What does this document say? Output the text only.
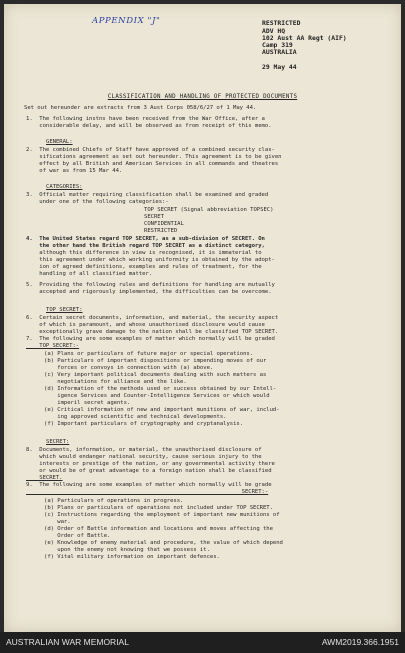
APPENDIX "J"	RESTRICTED
ADV HQ
102 Aust AA Regt (AIF)
Camp 319
AUSTRALIA
29 May 44
CLASSIFICATION AND HANDLING OF PROTECTED DOCUMENTS
Set out hereunder are extracts from 3 Aust Corps 058/6/27 of 1 May 44.
1.  The following instns have been received from the War Office, after a
considerable delay, and will be observed as from receipt of this memo.
GENERAL:
2.  The combined Chiefs of Staff have approved of a combined security clas-
sifications agreement as set out hereunder. This agreement is to be given
effect by all British and American Services in all commands and theatres
of war as from 15 Mar 44.
CATEGORIES:
3.  Official matter requiring classification shall be examined and graded
under one of the following categories:-
TOP SECRET (Signal abbreviation TOPSEC)
SECRET
CONFIDENTIAL
RESTRICTED
4.  The United States regard TOP SECRET, as a sub-division of SECRET. On
the other hand the British regard TOP SECRET as a distinct category,
although this difference in view is recognised, it is immaterial to
this agreement under which working uniformity is obtained by the adopt-
ion of agreed definitions, examples and rules of treatment, for the
handling of all classified matter.
5.  Providing the following rules and definitions for handling are mutually
accepted and rigorously implemented, the difficulties can be overcome.
TOP SECRET:
6.  Certain secret documents, information, and material, the security aspect
of which is paramount, and whose unauthorised disclosure would cause
exceptionally grave damage to the nation shall be classified TOP SECRET.
7.  The following are some examples of matter which normally will be graded
TOP SECRET:-
(a) Plans or particulars of future major or special operations.
(b) Particulars of important dispositions or impending moves of our
forces or convoys in connection with (a) above.
(c) Very important political documents dealing with such matters as
negotiations for alliance and the like.
(d) Information of the methods used or success obtained by our Intell-
igence Services and Counter-Intelligence Services or which would
imperil secret agents.
(e) Critical information of new and important munitions of war, includ-
ing approved scientific and technical developments.
(f) Important particulars of cryptography and cryptanalysis.
SECRET:
8.  Documents, information, or material, the unauthorised disclosure of
which would endanger national security, cause serious injury to the
interests or prestige of the nation, or any governmental activity there
or would be of great advantage to a foreign nation shall be classified
SECRET.
9.  The following are some examples of matter which normally will be grade
SECRET:-
(a) Particulars of operations in progress.
(b) Plans or particulars of operations not included under TOP SECRET.
(c) Instructions regarding the employment of important new munitions of
war.
(d) Order of Battle information and locations and moves affecting the
Order of Battle.
(e) Knowledge of enemy material and procedure, the value of which depend
upon the enemy not knowing that we possess it.
(f) Vital military information on important defences.
AUSTRALIAN WAR MEMORIAL	AWM2019.366.1951
